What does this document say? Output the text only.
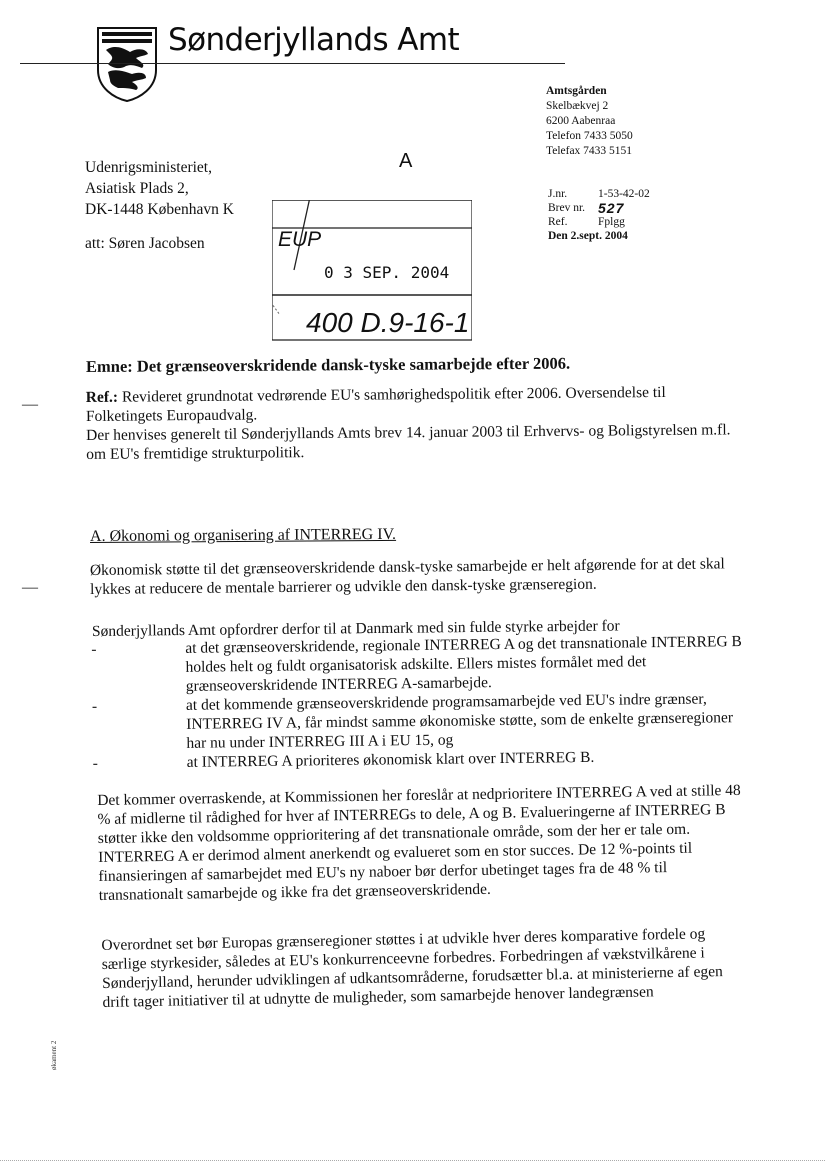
Sønderjyllands Amt
Amtsgården
Skelbækvej 2
6200 Aabenraa
Telefon 7433 5050
Telefax 7433 5151
A
Udenrigsministeriet,
Asiatisk Plads 2,
DK-1448 København K
att: Søren Jacobsen
J.nr.	1-53-42-02
Brev nr. 527
Ref.	Fplgg
Den 2.sept. 2004
EUP
0 3 SEP. 2004
400 D.9-16-1
Emne: Det grænseoverskridende dansk-tyske samarbejde efter 2006.
—
—
Ref.: Revideret grundnotat vedrørende EU's samhørighedspolitik efter 2006. Oversendelse til Folketingets Europaudvalg.
Der henvises generelt til Sønderjyllands Amts brev 14. januar 2003 til Erhvervs- og Boligstyrelsen m.fl. om EU's fremtidige strukturpolitik.
A. Økonomi og organisering af INTERREG IV.
Økonomisk støtte til det grænseoverskridende dansk-tyske samarbejde er helt afgørende for at det skal lykkes at reducere de mentale barrierer og udvikle den dansk-tyske grænseregion.
Sønderjyllands Amt opfordrer derfor til at Danmark med sin fulde styrke arbejder for
-	at det grænseoverskridende, regionale INTERREG A og det transnationale INTERREG B holdes helt og fuldt organisatorisk adskilte. Ellers mistes formålet med det grænseoverskridende INTERREG A-samarbejde.
-	at det kommende grænseoverskridende programsamarbejde ved EU's indre grænser, INTERREG IV A, får mindst samme økonomiske støtte, som de enkelte grænseregioner har nu under INTERREG III A i EU 15, og
-	at INTERREG A prioriteres økonomisk klart over INTERREG B.
Det kommer overraskende, at Kommissionen her foreslår at nedprioritere INTERREG A ved at stille 48 % af midlerne til rådighed for hver af INTERREGs to dele, A og B. Evalueringerne af INTERREG B støtter ikke den voldsomme opprioritering af det transnationale område, som der her er tale om. INTERREG A er derimod alment anerkendt og evalueret som en stor succes. De 12 %-points til finansieringen af samarbejdet med EU's ny naboer bør derfor ubetinget tages fra de 48 % til transnationalt samarbejde og ikke fra det grænseoverskridende.
Overordnet set bør Europas grænseregioner støttes i at udvikle hver deres komparative fordele og særlige styrkesider, således at EU's konkurrenceevne forbedres. Forbedringen af vækstvilkårene i Sønderjylland, herunder udviklingen af udkantsområderne, forudsætter bl.a. at ministerierne af egen drift tager initiativer til at udnytte de muligheder, som samarbejde henover landegrænsen
økament 2
